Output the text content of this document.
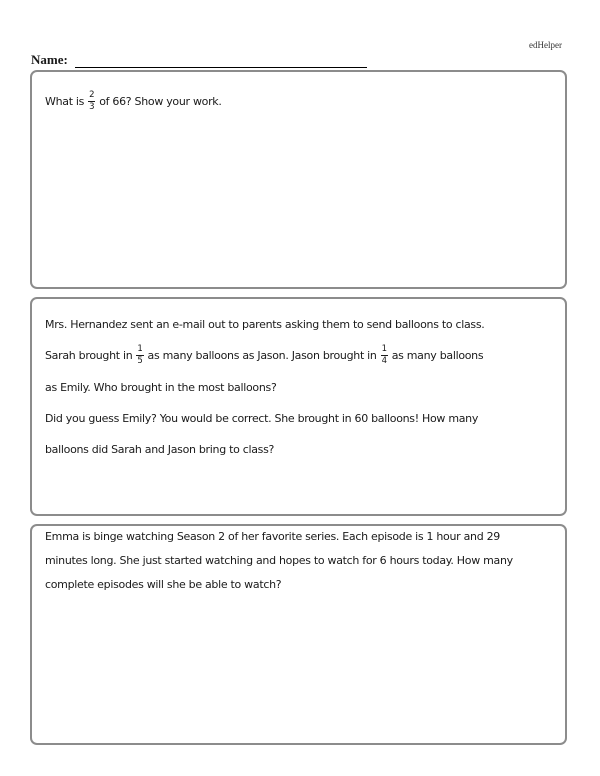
edHelper
Name:
What is $\frac{2}{3}$ of 66? Show your work.
Mrs. Hernandez sent an e-mail out to parents asking them to send balloons to class.
Sarah brought in $\frac{1}{5}$ as many balloons as Jason. Jason brought in $\frac{1}{4}$ as many balloons
as Emily. Who brought in the most balloons?
Did you guess Emily? You would be correct. She brought in 60 balloons! How many
balloons did Sarah and Jason bring to class?
Emma is binge watching Season 2 of her favorite series. Each episode is 1 hour and 29
minutes long. She just started watching and hopes to watch for 6 hours today. How many
complete episodes will she be able to watch?
